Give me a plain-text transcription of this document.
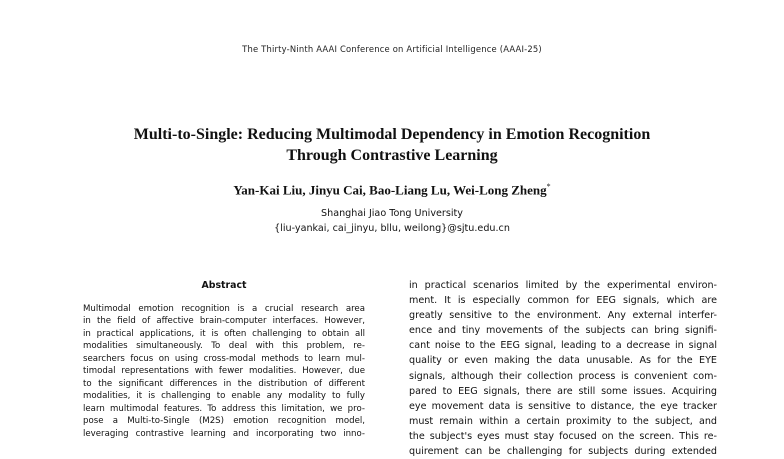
The Thirty-Ninth AAAI Conference on Artificial Intelligence (AAAI-25)
Multi-to-Single: Reducing Multimodal Dependency in Emotion Recognition
Through Contrastive Learning
Yan-Kai Liu, Jinyu Cai, Bao-Liang Lu, Wei-Long Zheng*
Shanghai Jiao Tong University
{liu-yankai, cai_jinyu, bllu, weilong}@sjtu.edu.cn
Abstract
Multimodal emotion recognition is a crucial research area
in the field of affective brain-computer interfaces. However,
in practical applications, it is often challenging to obtain all
modalities simultaneously. To deal with this problem, re-
searchers focus on using cross-modal methods to learn mul-
timodal representations with fewer modalities. However, due
to the significant differences in the distribution of different
modalities, it is challenging to enable any modality to fully
learn multimodal features. To address this limitation, we pro-
pose a Multi-to-Single (M2S) emotion recognition model,
leveraging contrastive learning and incorporating two inno-
in practical scenarios limited by the experimental environ-
ment. It is especially common for EEG signals, which are
greatly sensitive to the environment. Any external interfer-
ence and tiny movements of the subjects can bring signifi-
cant noise to the EEG signal, leading to a decrease in signal
quality or even making the data unusable. As for the EYE
signals, although their collection process is convenient com-
pared to EEG signals, there are still some issues. Acquiring
eye movement data is sensitive to distance, the eye tracker
must remain within a certain proximity to the subject, and
the subject's eyes must stay focused on the screen. This re-
quirement can be challenging for subjects during extended
